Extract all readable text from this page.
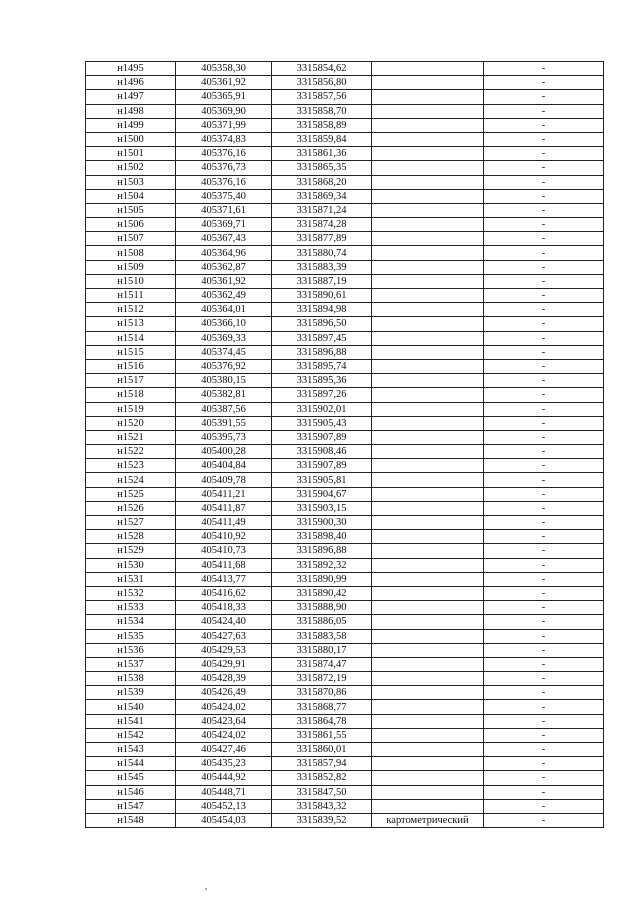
н1495	405358,30	3315854,62		-
н1496	405361,92	3315856,80		-
н1497	405365,91	3315857,56		-
н1498	405369,90	3315858,70		-
н1499	405371,99	3315858,89		-
н1500	405374,83	3315859,84		-
н1501	405376,16	3315861,36		-
н1502	405376,73	3315865,35		-
н1503	405376,16	3315868,20		-
н1504	405375,40	3315869,34		-
н1505	405371,61	3315871,24		-
н1506	405369,71	3315874,28		-
н1507	405367,43	3315877,89		-
н1508	405364,96	3315880,74		-
н1509	405362,87	3315883,39		-
н1510	405361,92	3315887,19		-
н1511	405362,49	3315890,61		-
н1512	405364,01	3315894,98		-
н1513	405366,10	3315896,50		-
н1514	405369,33	3315897,45		-
н1515	405374,45	3315896,88		-
н1516	405376,92	3315895,74		-
н1517	405380,15	3315895,36		-
н1518	405382,81	3315897,26		-
н1519	405387,56	3315902,01		-
н1520	405391,55	3315905,43		-
н1521	405395,73	3315907,89		-
н1522	405400,28	3315908,46		-
н1523	405404,84	3315907,89		-
н1524	405409,78	3315905,81		-
н1525	405411,21	3315904,67		-
н1526	405411,87	3315903,15		-
н1527	405411,49	3315900,30		-
н1528	405410,92	3315898,40		-
н1529	405410,73	3315896,88		-
н1530	405411,68	3315892,32		-
н1531	405413,77	3315890,99		-
н1532	405416,62	3315890,42		-
н1533	405418,33	3315888,90		-
н1534	405424,40	3315886,05		-
н1535	405427,63	3315883,58		-
н1536	405429,53	3315880,17		-
н1537	405429,91	3315874,47		-
н1538	405428,39	3315872,19		-
н1539	405426,49	3315870,86		-
н1540	405424,02	3315868,77		-
н1541	405423,64	3315864,78		-
н1542	405424,02	3315861,55		-
н1543	405427,46	3315860,01		-
н1544	405435,23	3315857,94		-
н1545	405444,92	3315852,82		-
н1546	405448,71	3315847,50		-
н1547	405452,13	3315843,32		-
н1548	405454,03	3315839,52	картометрический	-
